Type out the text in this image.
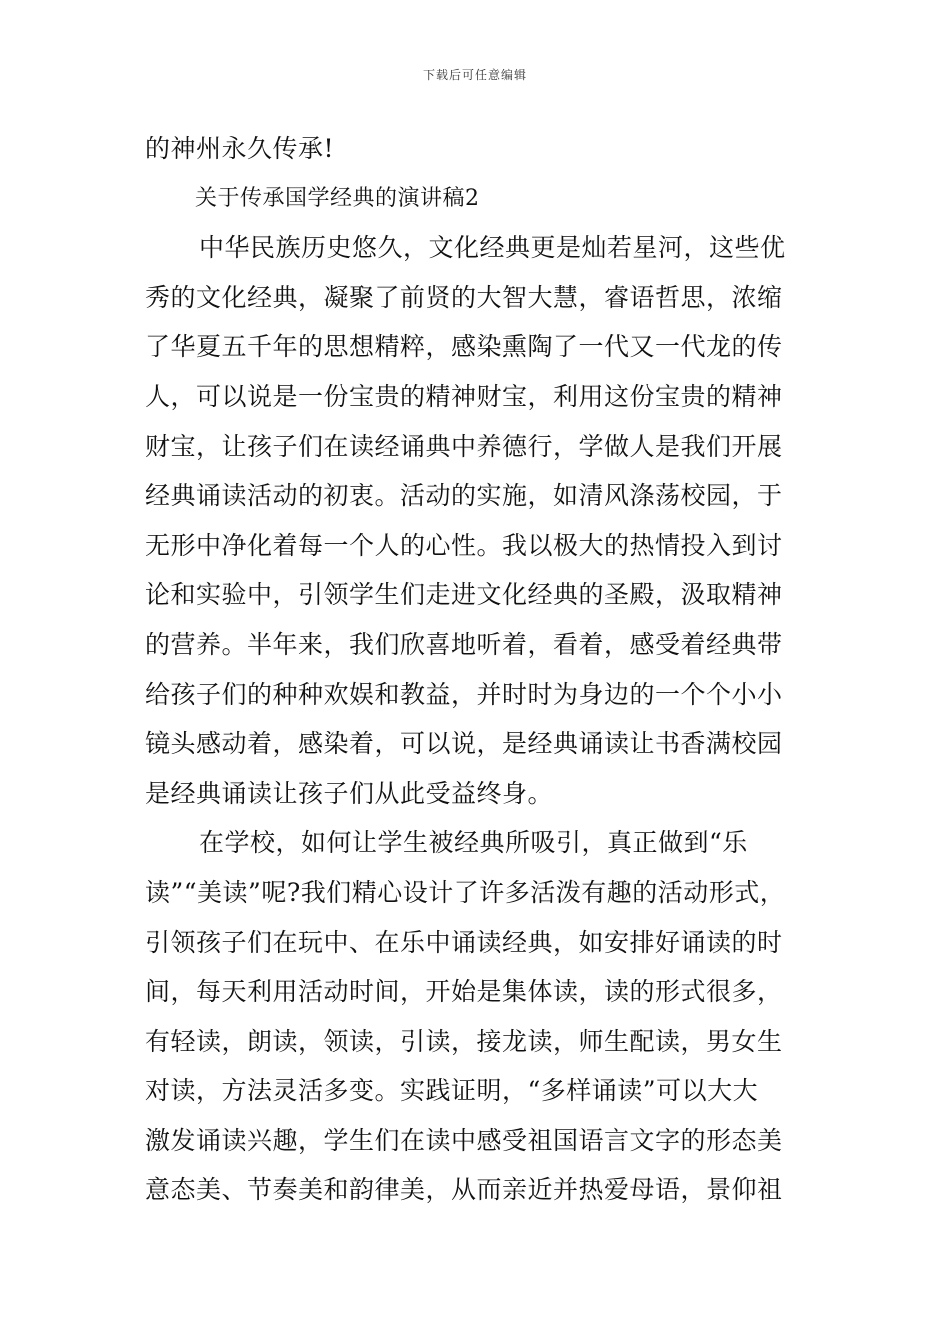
下载后可任意编辑
的神州永久传承!
关于传承国学经典的演讲稿2
中华民族历史悠久，文化经典更是灿若星河，这些优
秀的文化经典，凝聚了前贤的大智大慧，睿语哲思，浓缩
了华夏五千年的思想精粹，感染熏陶了一代又一代龙的传
人，可以说是一份宝贵的精神财宝，利用这份宝贵的精神
财宝，让孩子们在读经诵典中养德行，学做人是我们开展
经典诵读活动的初衷。活动的实施，如清风涤荡校园，于
无形中净化着每一个人的心性。我以极大的热情投入到讨
论和实验中，引领学生们走进文化经典的圣殿，汲取精神
的营养。半年来，我们欣喜地听着，看着，感受着经典带
给孩子们的种种欢娱和教益，并时时为身边的一个个小小
镜头感动着，感染着，可以说，是经典诵读让书香满校园
是经典诵读让孩子们从此受益终身。
在学校，如何让学生被经典所吸引，真正做到“乐
读”“美读”呢?我们精心设计了许多活泼有趣的活动形式，
引领孩子们在玩中、在乐中诵读经典，如安排好诵读的时
间，每天利用活动时间，开始是集体读，读的形式很多，
有轻读，朗读，领读，引读，接龙读，师生配读，男女生
对读，方法灵活多变。实践证明，“多样诵读”可以大大
激发诵读兴趣，学生们在读中感受祖国语言文字的形态美
意态美、节奏美和韵律美，从而亲近并热爱母语，景仰祖
